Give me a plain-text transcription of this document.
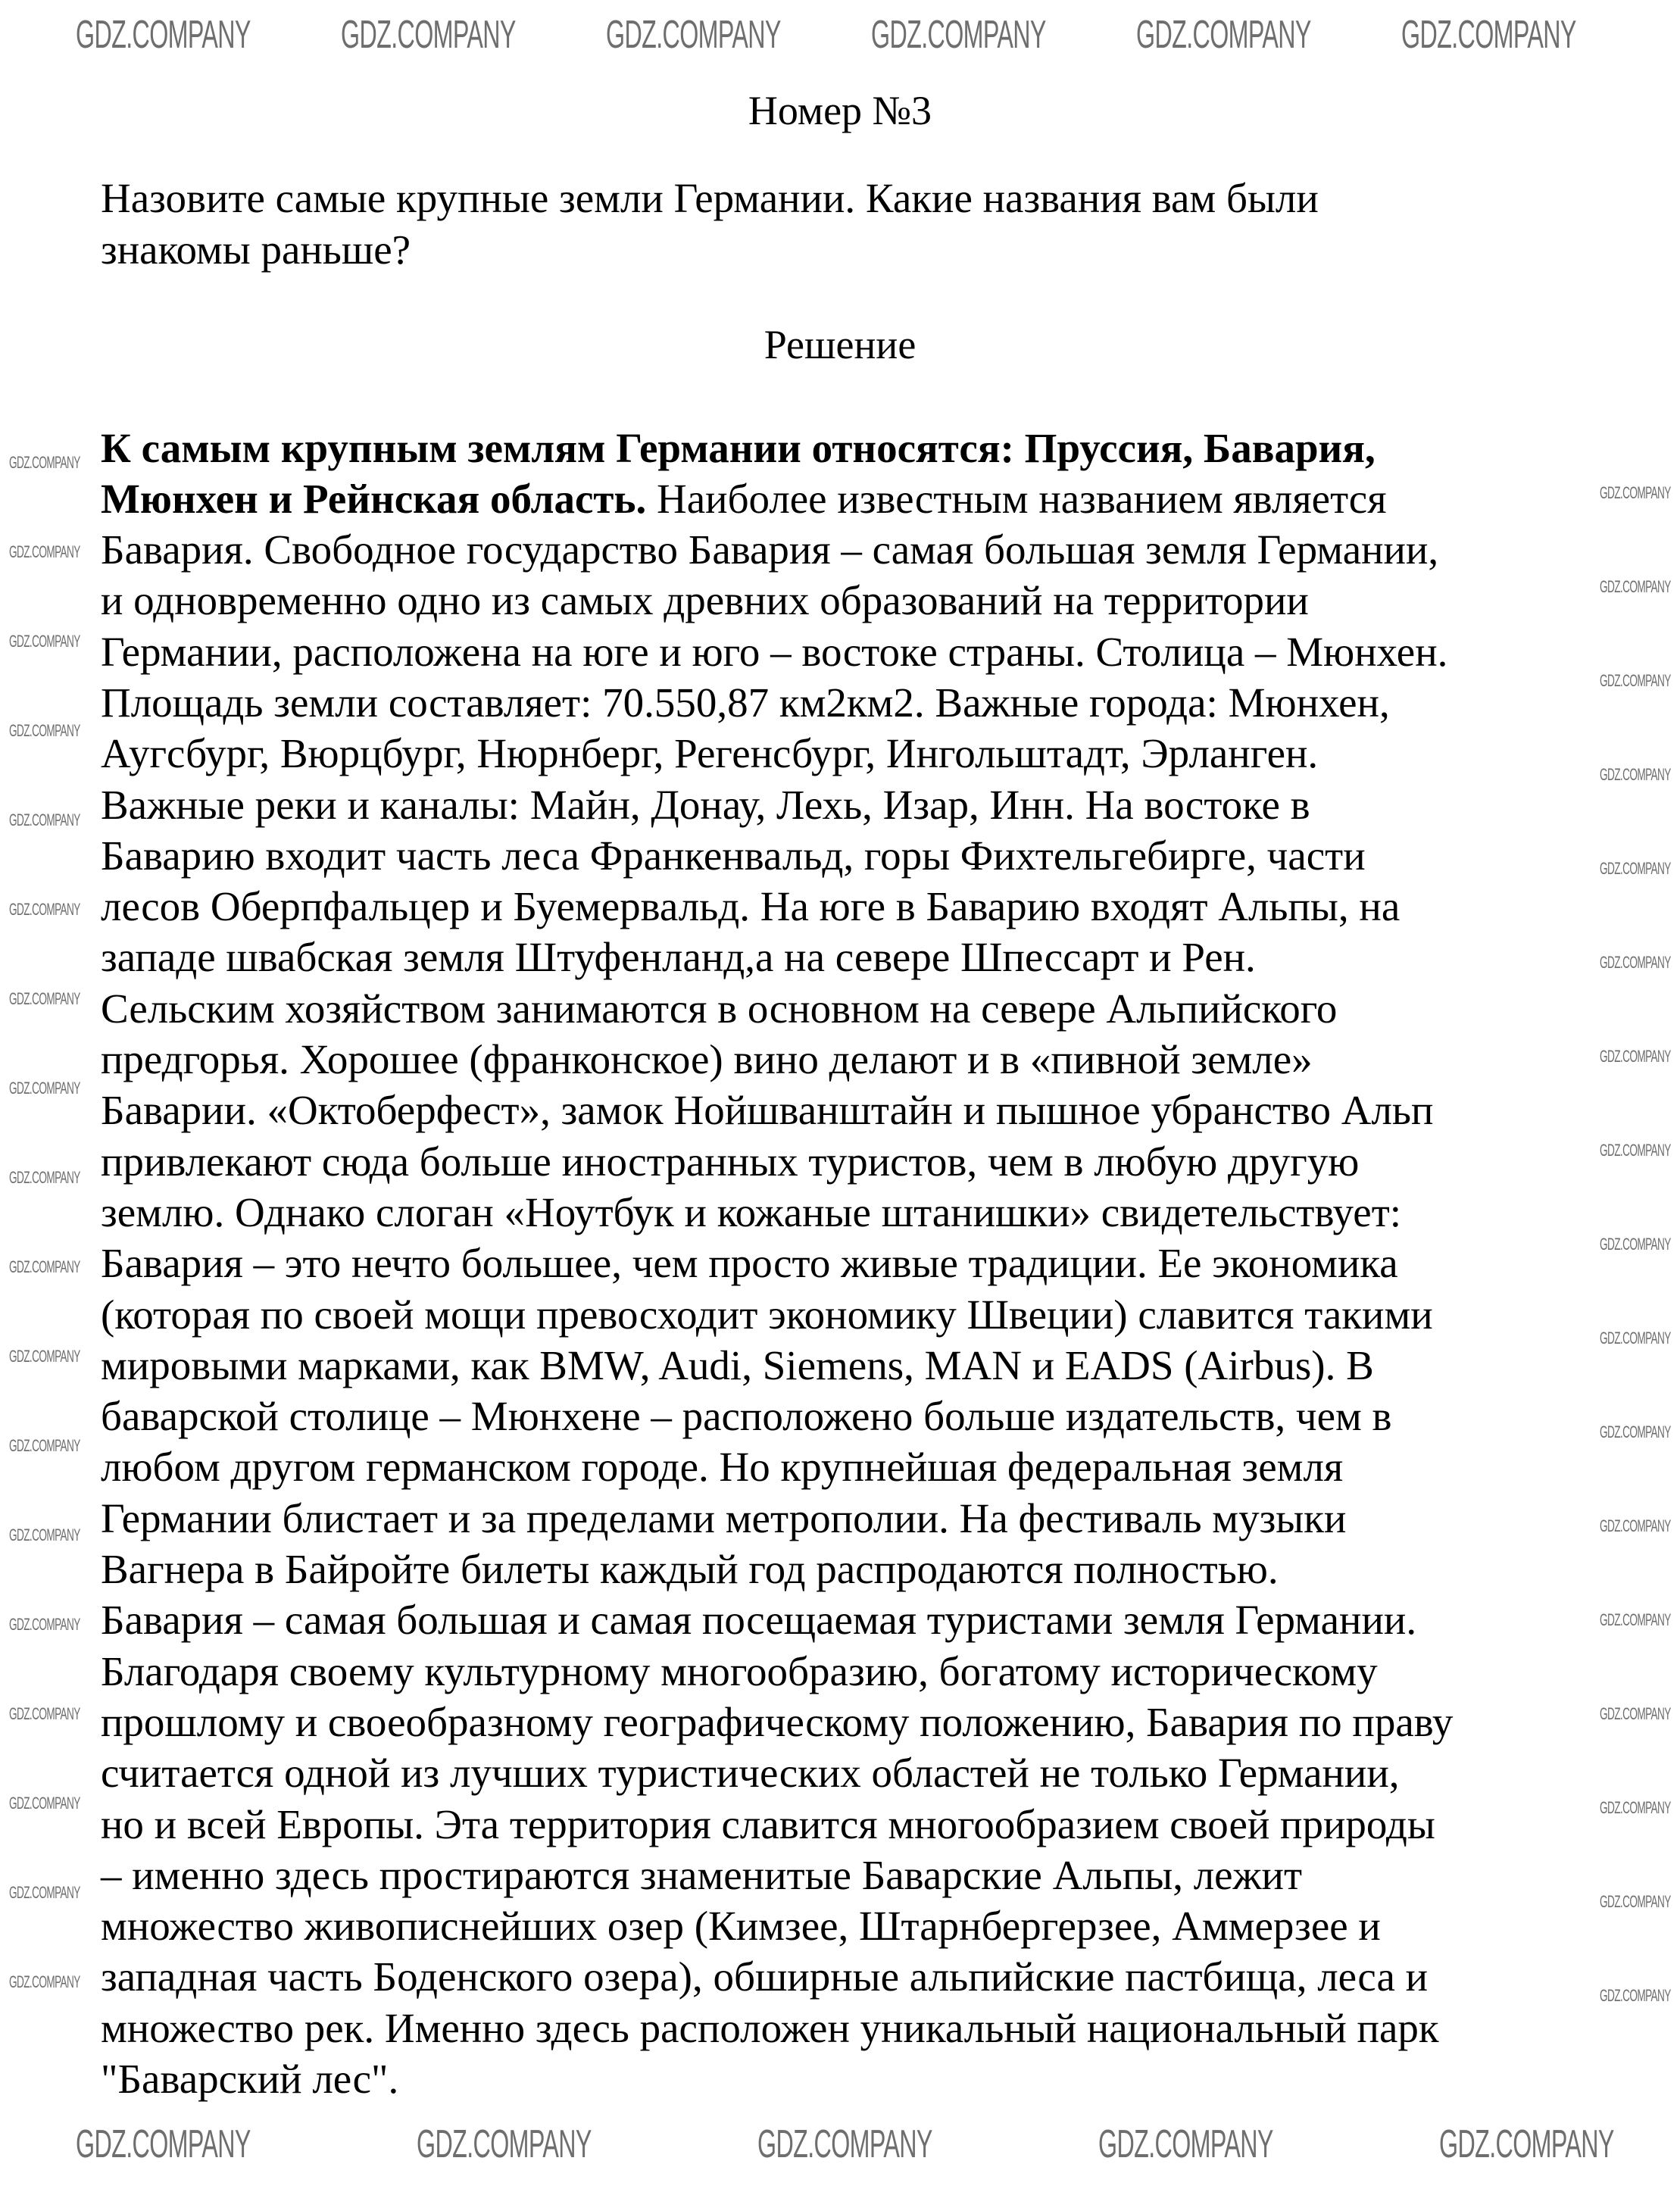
Номер №3
Назовите самые крупные земли Германии. Какие названия вам были
знакомы раньше?
Решение
К самым крупным землям Германии относятся: Пруссия, Бавария,
Мюнхен и Рейнская область. Наиболее известным названием является
Бавария. Свободное государство Бавария – самая большая земля Германии,
и одновременно одно из самых древних образований на территории
Германии, расположена на юге и юго – востоке страны. Столица – Мюнхен.
Площадь земли составляет: 70.550,87 км2км2. Важные города: Мюнхен,
Аугсбург, Вюрцбург, Нюрнберг, Регенсбург, Ингольштадт, Эрланген.
Важные реки и каналы: Майн, Донау, Лехь, Изар, Инн. На востоке в
Баварию входит часть леса Франкенвальд, горы Фихтельгебирге, части
лесов Оберпфальцер и Буемервальд. На юге в Баварию входят Альпы, на
западе швабская земля Штуфенланд,а на севере Шпессарт и Рен.
Сельским хозяйством занимаются в основном на севере Альпийского
предгорья. Хорошее (франконское) вино делают и в «пивной земле»
Баварии. «Октоберфест», замок Нойшванштайн и пышное убранство Альп
привлекают сюда больше иностранных туристов, чем в любую другую
землю. Однако слоган «Ноутбук и кожаные штанишки» свидетельствует:
Бавария – это нечто большее, чем просто живые традиции. Ее экономика
(которая по своей мощи превосходит экономику Швеции) славится такими
мировыми марками, как BMW, Audi, Siemens, MAN и EADS (Airbus). В
баварской столице – Мюнхене – расположено больше издательств, чем в
любом другом германском городе. Но крупнейшая федеральная земля
Германии блистает и за пределами метрополии. На фестиваль музыки
Вагнера в Байройте билеты каждый год распродаются полностью.
Бавария – самая большая и самая посещаемая туристами земля Германии.
Благодаря своему культурному многообразию, богатому историческому
прошлому и своеобразному географическому положению, Бавария по праву
считается одной из лучших туристических областей не только Германии,
но и всей Европы. Эта территория славится многообразием своей природы
– именно здесь простираются знаменитые Баварские Альпы, лежит
множество живописнейших озер (Кимзее, Штарнбергерзее, Аммерзее и
западная часть Боденского озера), обширные альпийские пастбища, леса и
множество рек. Именно здесь расположен уникальный национальный парк
"Баварский лес".
GDZ.COMPANY GDZ.COMPANY GDZ.COMPANY GDZ.COMPANY GDZ.COMPANY GDZ.COMPANY
GDZ.COMPANY	GDZ.COMPANY	GDZ.COMPANY	GDZ.COMPANY	GDZ.COMPANY
GDZ.COMPANY
GDZ.COMPANY
GDZ.COMPANY
GDZ.COMPANY
GDZ.COMPANY
GDZ.COMPANY
GDZ.COMPANY
GDZ.COMPANY
GDZ.COMPANY
GDZ.COMPANY
GDZ.COMPANY
GDZ.COMPANY
GDZ.COMPANY
GDZ.COMPANY
GDZ.COMPANY
GDZ.COMPANY
GDZ.COMPANY
GDZ.COMPANY
GDZ.COMPANY
GDZ.COMPANY
GDZ.COMPANY
GDZ.COMPANY
GDZ.COMPANY
GDZ.COMPANY
GDZ.COMPANY
GDZ.COMPANY
GDZ.COMPANY
GDZ.COMPANY
GDZ.COMPANY
GDZ.COMPANY
GDZ.COMPANY
GDZ.COMPANY
GDZ.COMPANY
GDZ.COMPANY
GDZ.COMPANY
